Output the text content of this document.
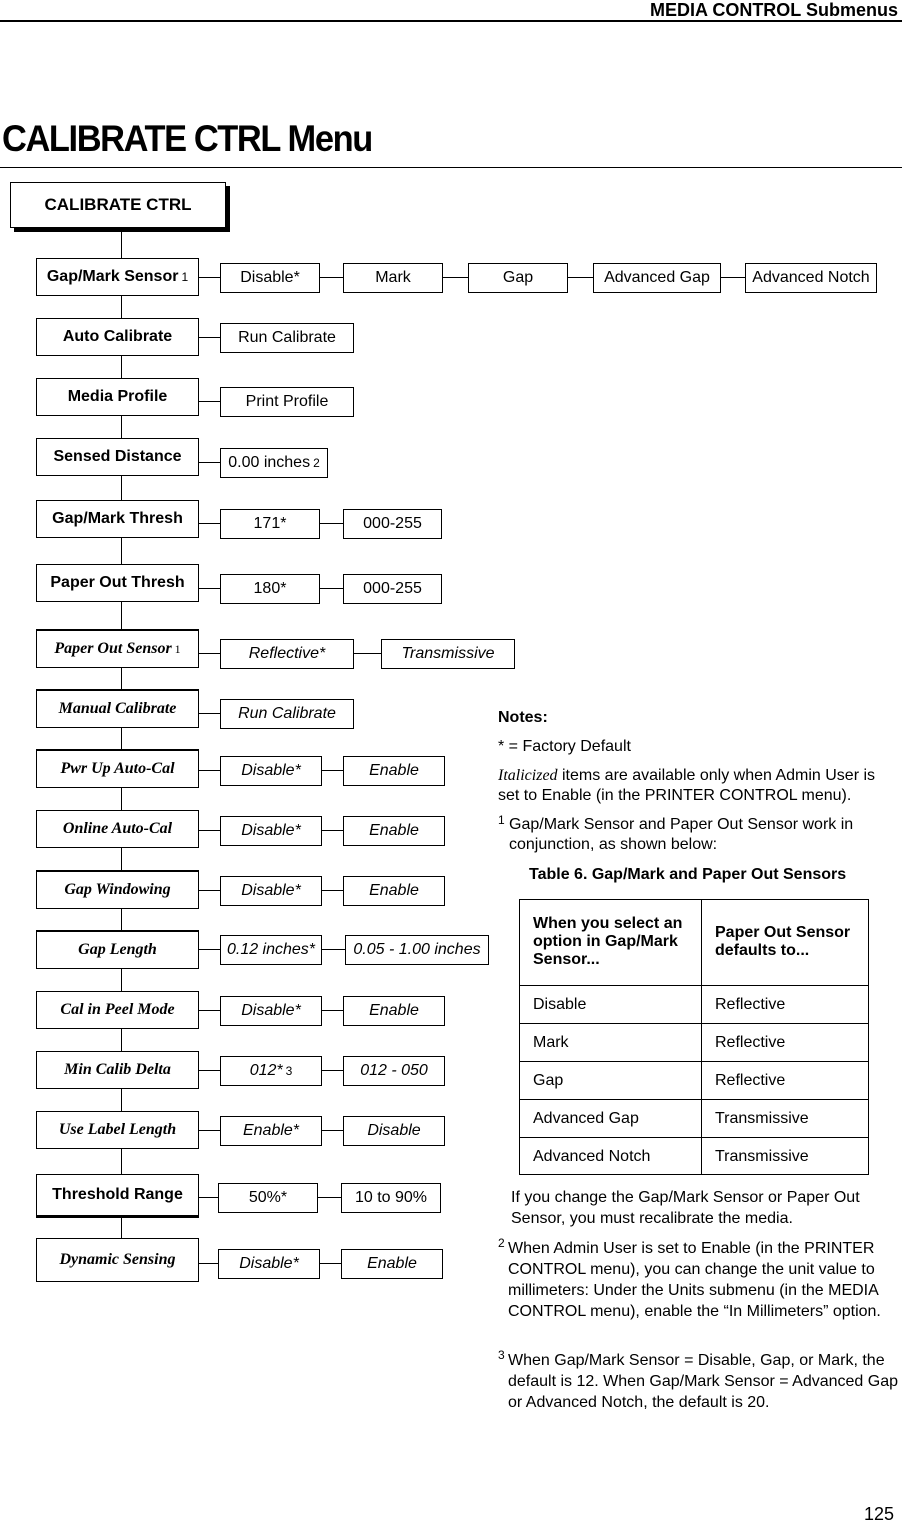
MEDIA CONTROL Submenus
CALIBRATE CTRL Menu
CALIBRATE CTRL
Gap/Mark Sensor 1	Disable*	Mark	Gap	Advanced Gap	Advanced Notch
Auto Calibrate	Run Calibrate
Media Profile	Print Profile
Sensed Distance	0.00 inches 2
Gap/Mark Thresh	171*	000-255
Paper Out Thresh	180*	000-255
Paper Out Sensor 1	Reflective*	Transmissive
Manual Calibrate	Run Calibrate
Pwr Up Auto-Cal	Disable*	Enable
Online Auto-Cal	Disable*	Enable
Gap Windowing	Disable*	Enable
Gap Length	0.12 inches*	0.05 - 1.00 inches
Cal in Peel Mode	Disable*	Enable
Min Calib Delta	012* 3	012 - 050
Use Label Length	Enable*	Disable
Threshold Range	50%*	10 to 90%
Dynamic Sensing	Disable*	Enable

Notes:

* = Factory Default

Italicized items are available only when Admin User is set to Enable (in the PRINTER CONTROL menu).

1 Gap/Mark Sensor and Paper Out Sensor work in conjunction, as shown below:

Table 6. Gap/Mark and Paper Out Sensors
When you select an option in Gap/Mark Sensor...	Paper Out Sensor defaults to...
Disable	Reflective
Mark	Reflective
Gap	Reflective
Advanced Gap	Transmissive
Advanced Notch	Transmissive
If you change the Gap/Mark Sensor or Paper Out Sensor, you must recalibrate the media.
2 When Admin User is set to Enable (in the PRINTER CONTROL menu), you can change the unit value to millimeters: Under the Units submenu (in the MEDIA CONTROL menu), enable the “In Millimeters” option.
3 When Gap/Mark Sensor = Disable, Gap, or Mark, the default is 12. When Gap/Mark Sensor = Advanced Gap or Advanced Notch, the default is 20.
125
